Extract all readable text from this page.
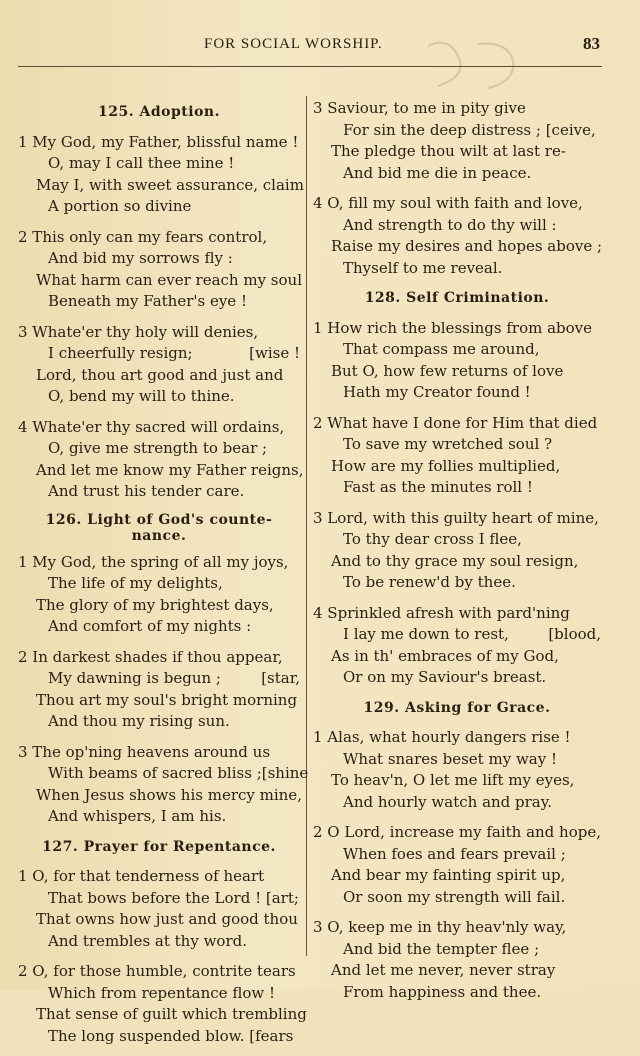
FOR SOCIAL WORSHIP.	83
125. Adoption.
1 My God, my Father, blissful name !
O, may I call thee mine !
May I, with sweet assurance, claim
A portion so divine
2 This only can my fears control,
And bid my sorrows fly :
What harm can ever reach my soul
Beneath my Father's eye !
3 Whate'er thy holy will denies,
I cheerfully resign;	[wise !
Lord, thou art good and just and
O, bend my will to thine.
4 Whate'er thy sacred will ordains,
O, give me strength to bear ;
And let me know my Father reigns,
And trust his tender care.
126. Light of God's counte-
nance.
1 My God, the spring of all my joys,
The life of my delights,
The glory of my brightest days,
And comfort of my nights :
2 In darkest shades if thou appear,
My dawning is begun ;	[star,
Thou art my soul's bright morning
And thou my rising sun.
3 The op'ning heavens around us
With beams of sacred bliss ;[shine
When Jesus shows his mercy mine,
And whispers, I am his.
127. Prayer for Repentance.
1 O, for that tenderness of heart
That bows before the Lord ! [art;
That owns how just and good thou
And trembles at thy word.
2 O, for those humble, contrite tears
Which from repentance flow !
That sense of guilt which trembling
The long suspended blow. [fears
3 Saviour, to me in pity give
For sin the deep distress ; [ceive,
The pledge thou wilt at last re-
And bid me die in peace.
4 O, fill my soul with faith and love,
And strength to do thy will :
Raise my desires and hopes above ;
Thyself to me reveal.
128. Self Crimination.
1 How rich the blessings from above
That compass me around,
But O, how few returns of love
Hath my Creator found !
2 What have I done for Him that died
To save my wretched soul ?
How are my follies multiplied,
Fast as the minutes roll !
3 Lord, with this guilty heart of mine,
To thy dear cross I flee,
And to thy grace my soul resign,
To be renew'd by thee.
4 Sprinkled afresh with pard'ning
I lay me down to rest,	[blood,
As in th' embraces of my God,
Or on my Saviour's breast.
129. Asking for Grace.
1 Alas, what hourly dangers rise !
What snares beset my way !
To heav'n, O let me lift my eyes,
And hourly watch and pray.
2 O Lord, increase my faith and hope,
When foes and fears prevail ;
And bear my fainting spirit up,
Or soon my strength will fail.
3 O, keep me in thy heav'nly way,
And bid the tempter flee ;
And let me never, never stray
From happiness and thee.
